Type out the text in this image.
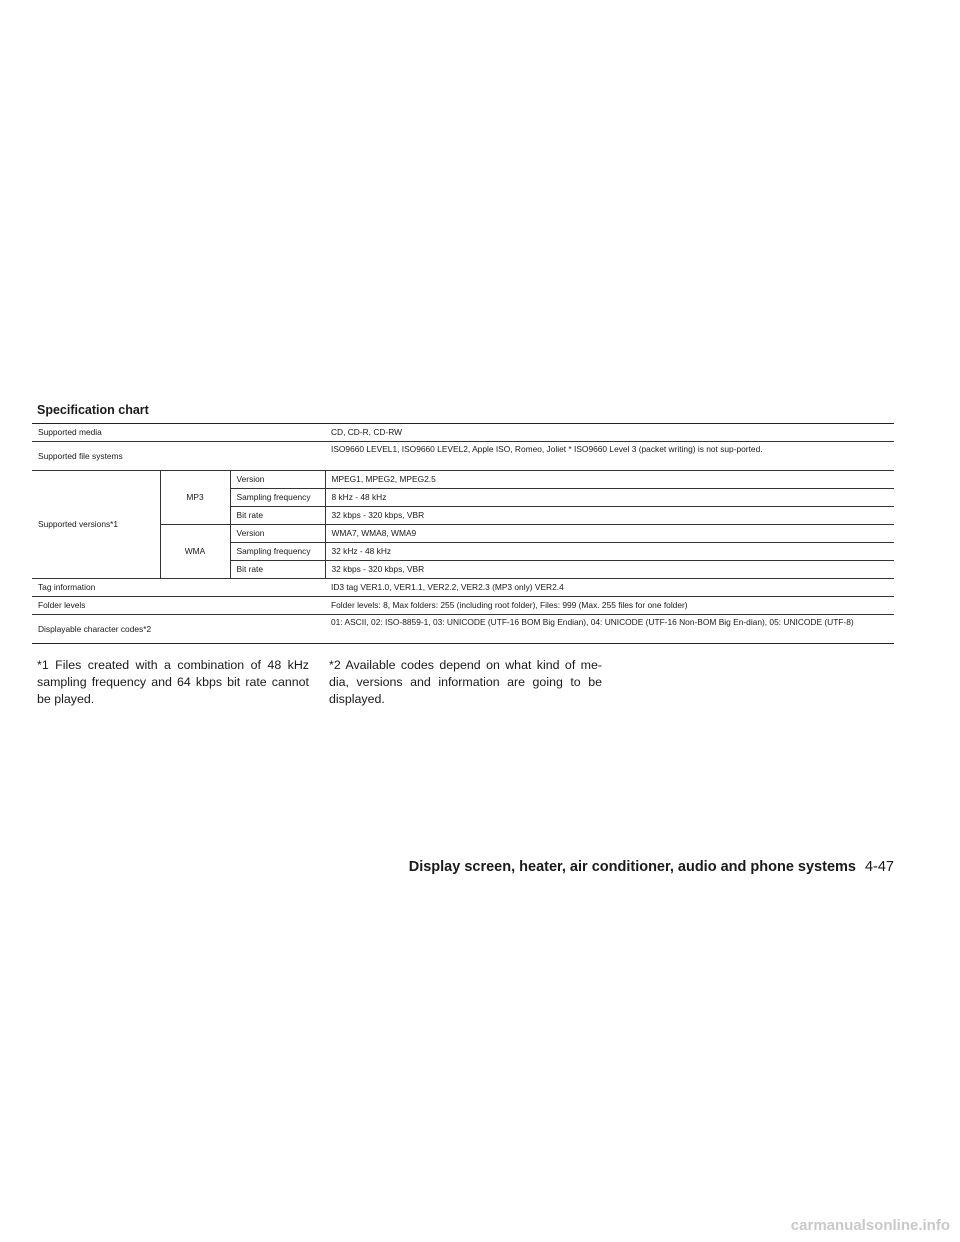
Specification chart
Supported media			CD, CD-R, CD-RW
Supported file systems			ISO9660 LEVEL1, ISO9660 LEVEL2, Apple ISO, Romeo, Joliet * ISO9660 Level 3 (packet writing) is not sup-ported.
Supported versions*1	MP3	Version	MPEG1, MPEG2, MPEG2.5
		Sampling frequency	8 kHz - 48 kHz
		Bit rate	32 kbps - 320 kbps, VBR
	WMA	Version	WMA7, WMA8, WMA9
		Sampling frequency	32 kHz - 48 kHz
		Bit rate	32 kbps - 320 kbps, VBR
Tag information			ID3 tag VER1.0, VER1.1, VER2.2, VER2.3 (MP3 only) VER2.4
Folder levels			Folder levels: 8, Max folders: 255 (including root folder), Files: 999 (Max. 255 files for one folder)
Displayable character codes*2			01: ASCII, 02: ISO-8859-1, 03: UNICODE (UTF-16 BOM Big Endian), 04: UNICODE (UTF-16 Non-BOM Big En-dian), 05: UNICODE (UTF-8)

*1 Files created with a combination of 48 kHz sampling frequency and 64 kbps bit rate cannot be played.

*2 Available codes depend on what kind of me-dia, versions and information are going to be displayed.

Display screen, heater, air conditioner, audio and phone systems 4-47
carmanualsonline.info
